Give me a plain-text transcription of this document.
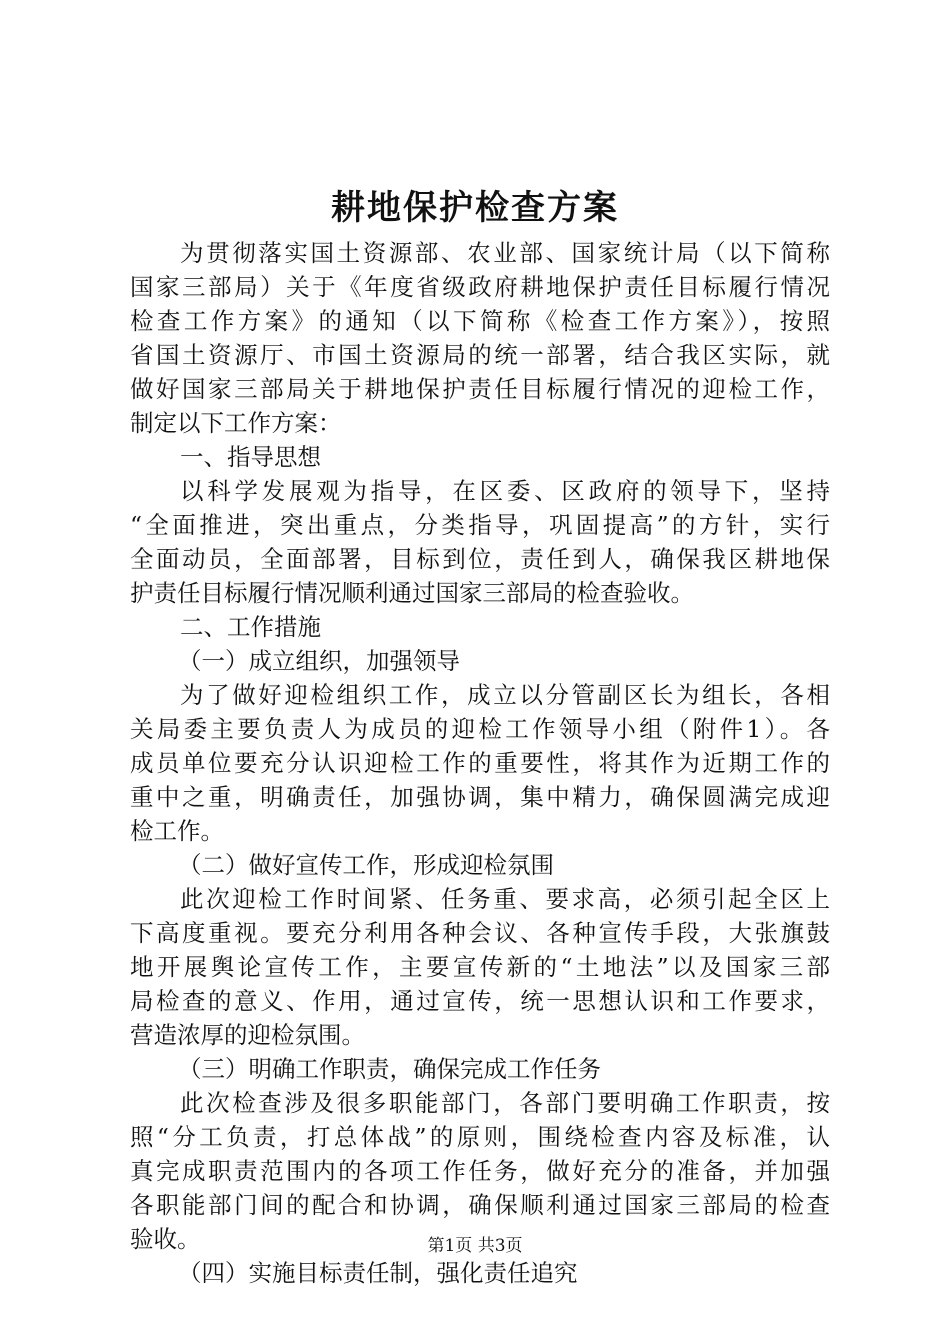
耕地保护检查方案
为贯彻落实国土资源部、农业部、国家统计局（以下简称
国家三部局）关于《年度省级政府耕地保护责任目标履行情况
检查工作方案》的通知（以下简称《检查工作方案》），按照
省国土资源厅、市国土资源局的统一部署，结合我区实际，就
做好国家三部局关于耕地保护责任目标履行情况的迎检工作，
制定以下工作方案：
一、指导思想
以科学发展观为指导，在区委、区政府的领导下，坚持
“全面推进，突出重点，分类指导，巩固提高”的方针，实行
全面动员，全面部署，目标到位，责任到人，确保我区耕地保
护责任目标履行情况顺利通过国家三部局的检查验收。
二、工作措施
（一）成立组织，加强领导
为了做好迎检组织工作，成立以分管副区长为组长，各相
关局委主要负责人为成员的迎检工作领导小组（附件1）。各
成员单位要充分认识迎检工作的重要性，将其作为近期工作的
重中之重，明确责任，加强协调，集中精力，确保圆满完成迎
检工作。
（二）做好宣传工作，形成迎检氛围
此次迎检工作时间紧、任务重、要求高，必须引起全区上
下高度重视。要充分利用各种会议、各种宣传手段，大张旗鼓
地开展舆论宣传工作，主要宣传新的“土地法”以及国家三部
局检查的意义、作用，通过宣传，统一思想认识和工作要求，
营造浓厚的迎检氛围。
（三）明确工作职责，确保完成工作任务
此次检查涉及很多职能部门，各部门要明确工作职责，按
照“分工负责，打总体战”的原则，围绕检查内容及标准，认
真完成职责范围内的各项工作任务，做好充分的准备，并加强
各职能部门间的配合和协调，确保顺利通过国家三部局的检查
验收。
（四）实施目标责任制，强化责任追究
第1页 共3页
